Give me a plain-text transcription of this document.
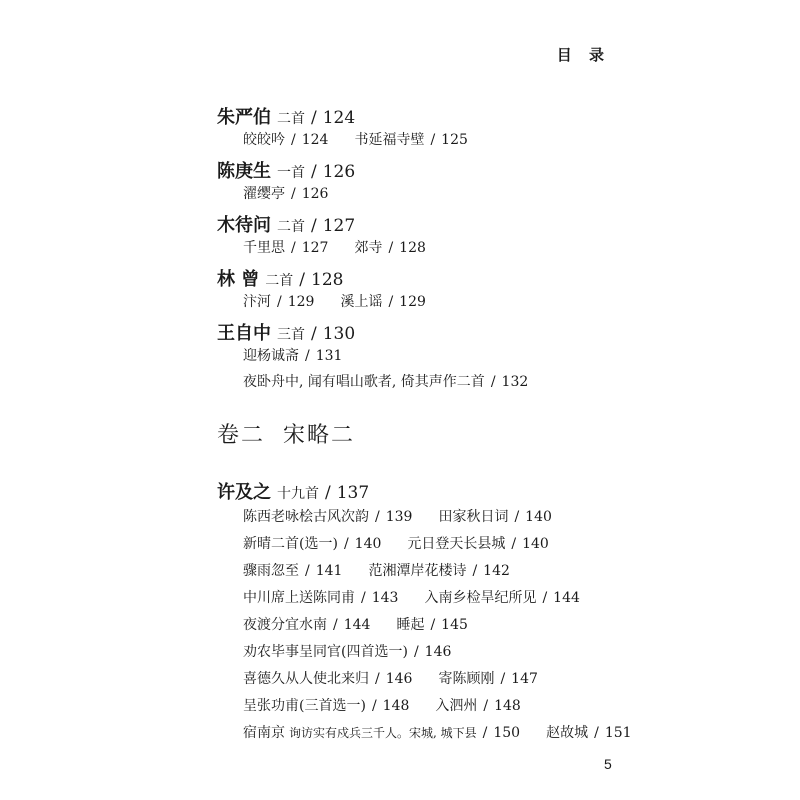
目 录
朱严伯 二首 / 124
皎皎吟 / 124 书延福寺壁 / 125
陈庚生 一首 / 126
濯缨亭 / 126
木待问 二首 / 127
千里思 / 127 郊寺 / 128
林 曾 二首 / 128
汴河 / 129 溪上谣 / 129
王自中 三首 / 130
迎杨诚斋 / 131
夜卧舟中, 闻有唱山歌者, 倚其声作二首 / 132
许及之 十九首 / 137
陈西老咏桧古风次韵 / 139 田家秋日词 / 140
新晴二首(选一) / 140 元日登天长县城 / 140
骤雨忽至 / 141 范湘潭岸花楼诗 / 142
中川席上送陈同甫 / 143 入南乡检旱纪所见 / 144
夜渡分宜水南 / 144 睡起 / 145
劝农毕事呈同官(四首选一) / 146
喜德久从人使北来归 / 146 寄陈顾刚 / 147
呈张功甫(三首选一) / 148 入泗州 / 148
宿南京 询访实有戍兵三千人。宋城, 城下县 / 150 赵故城 / 151
卷二 宋略二
5
